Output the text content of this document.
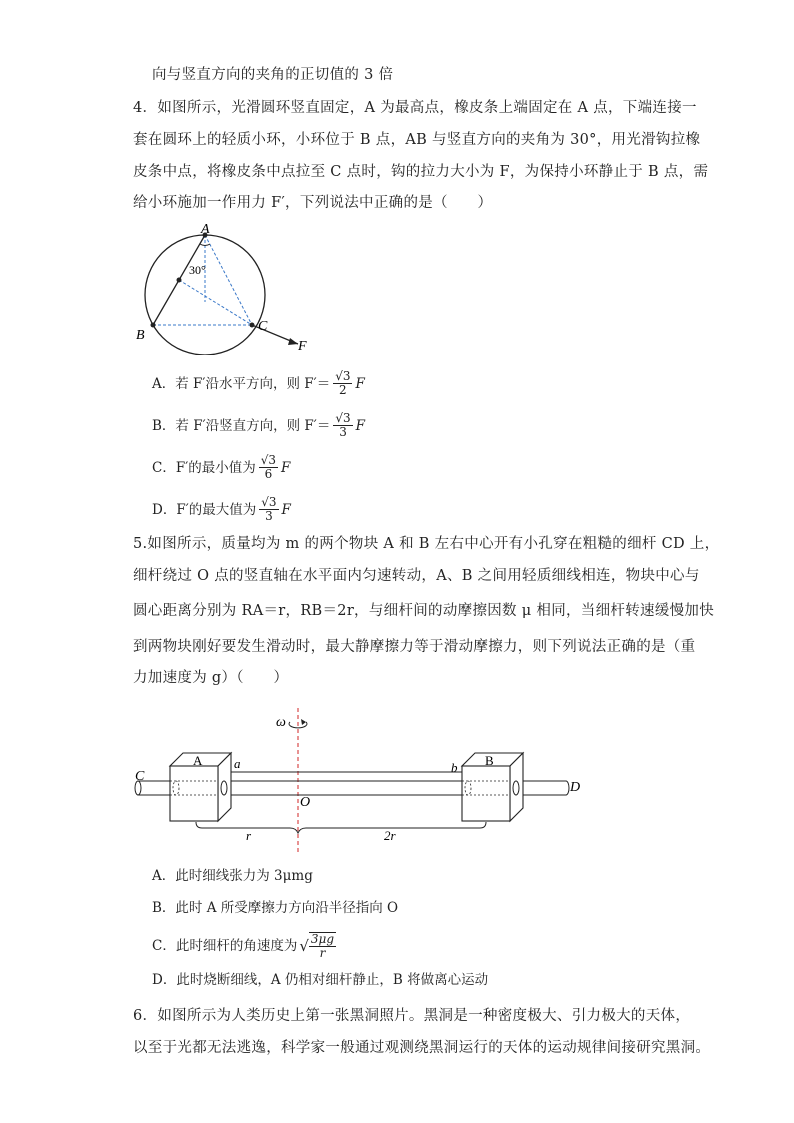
向与竖直方向的夹角的正切值的 3 倍
4．如图所示，光滑圆环竖直固定，A 为最高点，橡皮条上端固定在 A 点，下端连接一
套在圆环上的轻质小环，小环位于 B 点，AB 与竖直方向的夹角为 30°，用光滑钩拉橡
皮条中点，将橡皮条中点拉至 C 点时，钩的拉力大小为 F，为保持小环静止于 B 点，需
给小环施加一作用力 F′，下列说法中正确的是（　　）
A
30°
B
C
F
A．若 F′沿水平方向，则 $F'= \frac{√3}{2}$ F
B．若 F′沿竖直方向，则 $F'= \frac{√3}{3}$ F
C．F′的最小值为 $\frac{√3}{6}$ F
D．F′的最大值为 $\frac{√3}{3}$ F
5.如图所示，质量均为 m 的两个物块 A 和 B 左右中心开有小孔穿在粗糙的细杆 CD 上，
细杆绕过 O 点的竖直轴在水平面内匀速转动，A、B 之间用轻质细线相连，物块中心与
圆心距离分别为 RA＝r，RB＝2r，与细杆间的动摩擦因数 μ 相同，当细杆转速缓慢加快
到两物块刚好要发生滑动时，最大静摩擦力等于滑动摩擦力，则下列说法正确的是（重
力加速度为 g）（　　）
ω
C
D
A	B
a	b
O
r	2r
A．此时细线张力为 3μmg
B．此时 A 所受摩擦力方向沿半径指向 O
C．此时细杆的角速度为 √ $\frac{3\mu g}{r}$
D．此时烧断细线，A 仍相对细杆静止，B 将做离心运动
6．如图所示为人类历史上第一张黑洞照片。黑洞是一种密度极大、引力极大的天体，
以至于光都无法逃逸，科学家一般通过观测绕黑洞运行的天体的运动规律间接研究黑洞。
